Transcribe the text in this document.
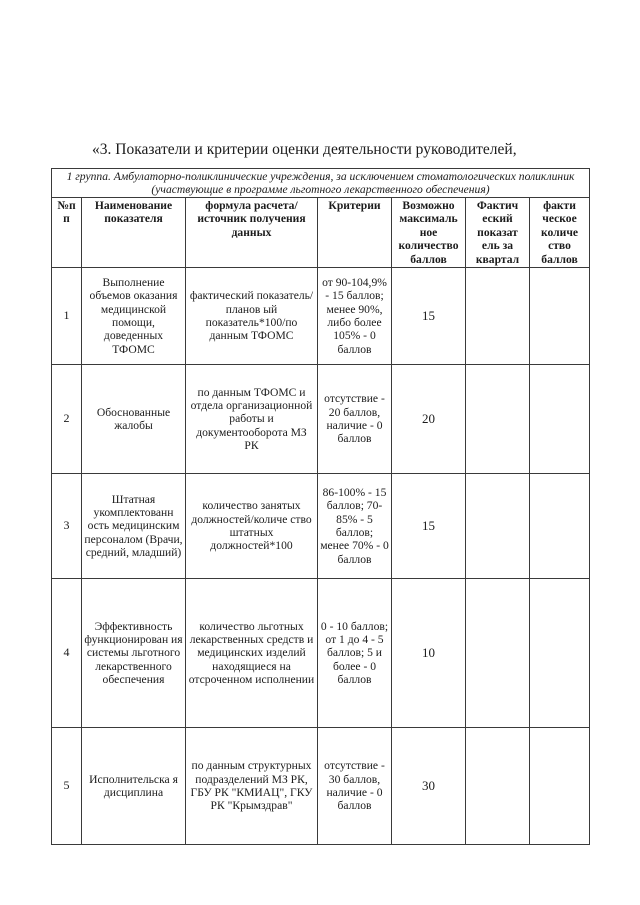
«3. Показатели и критерии оценки деятельности руководителей,
1 группа. Амбулаторно-поликлинические учреждения, за исключением стоматологических поликлиник (участвующие в программе льготного лекарственного обеспечения)						
№п п	Наименование показателя	формула расчета/источник получения данных	Критерии	Возможно максималь ное количество баллов	Фактич еский показат ель за квартал	факти ческое количе ство баллов
1	Выполнение объемов оказания медицинской помощи, доведенных ТФОМС	фактический показатель/планов ый показатель*100/по данным ТФОМС	от 90-104,9% - 15 баллов; менее 90%, либо более 105% - 0 баллов	15		
2	Обоснованные жалобы	по данным ТФОМС и отдела организационной работы и документооборота МЗ РК	отсутствие - 20 баллов, наличие - 0 баллов	20		
3	Штатная укомплектованн ость медицинским персоналом (Врачи, средний, младший)	количество занятых должностей/количе ство штатных должностей*100	86-100% - 15 баллов; 70-85% - 5 баллов; менее 70% - 0 баллов	15		
4	Эффективность функционирован ия системы льготного лекарственного обеспечения	количество льготных лекарственных средств и медицинских изделий находящиеся на отсроченном исполнении	0 - 10 баллов; от 1 до 4 - 5 баллов; 5 и более - 0 баллов	10		
5	Исполнительска я дисциплина	по данным структурных подразделений МЗ РК, ГБУ РК "КМИАЦ", ГКУ РК "Крымздрав"	отсутствие - 30 баллов, наличие - 0 баллов	30		
